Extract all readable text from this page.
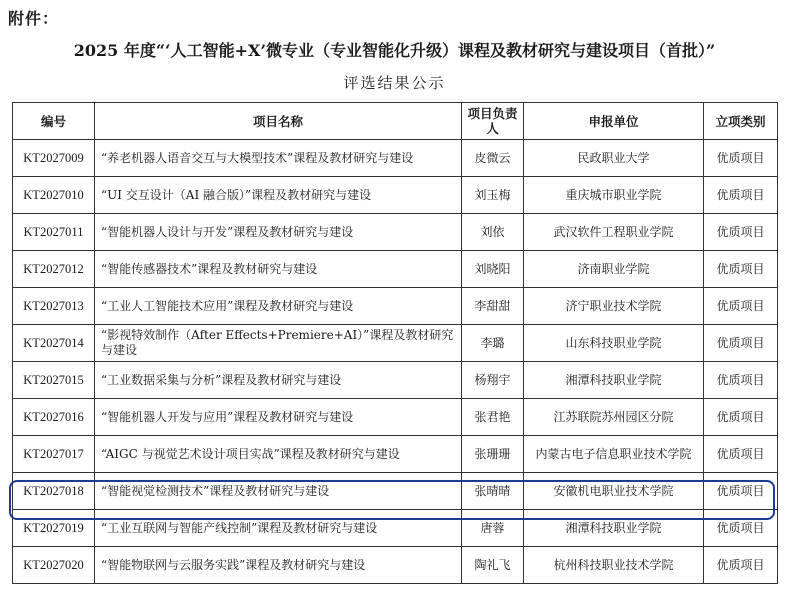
附件：
2025 年度“‘人工智能+X’微专业（专业智能化升级）课程及教材研究与建设项目（首批）”
评选结果公示
编号	项目名称	项目负责人	申报单位	立项类别
KT2027009	“养老机器人语音交互与大模型技术”课程及教材研究与建设	皮微云	民政职业大学	优质项目
KT2027010	“UI 交互设计（AI 融合版）”课程及教材研究与建设	刘玉梅	重庆城市职业学院	优质项目
KT2027011	“智能机器人设计与开发”课程及教材研究与建设	刘依	武汉软件工程职业学院	优质项目
KT2027012	“智能传感器技术”课程及教材研究与建设	刘晓阳	济南职业学院	优质项目
KT2027013	“工业人工智能技术应用”课程及教材研究与建设	李甜甜	济宁职业技术学院	优质项目
KT2027014	“影视特效制作（After Effects+Premiere+AI）”课程及教材研究与建设	李璐	山东科技职业学院	优质项目
KT2027015	“工业数据采集与分析”课程及教材研究与建设	杨翔宇	湘潭科技职业学院	优质项目
KT2027016	“智能机器人开发与应用”课程及教材研究与建设	张君艳	江苏联院苏州园区分院	优质项目
KT2027017	“AIGC 与视觉艺术设计项目实战”课程及教材研究与建设	张珊珊	内蒙古电子信息职业技术学院	优质项目
KT2027018	“智能视觉检测技术”课程及教材研究与建设	张晴晴	安徽机电职业技术学院	优质项目
KT2027019	“工业互联网与智能产线控制”课程及教材研究与建设	唐蓉	湘潭科技职业学院	优质项目
KT2027020	“智能物联网与云服务实践”课程及教材研究与建设	陶礼飞	杭州科技职业技术学院	优质项目
